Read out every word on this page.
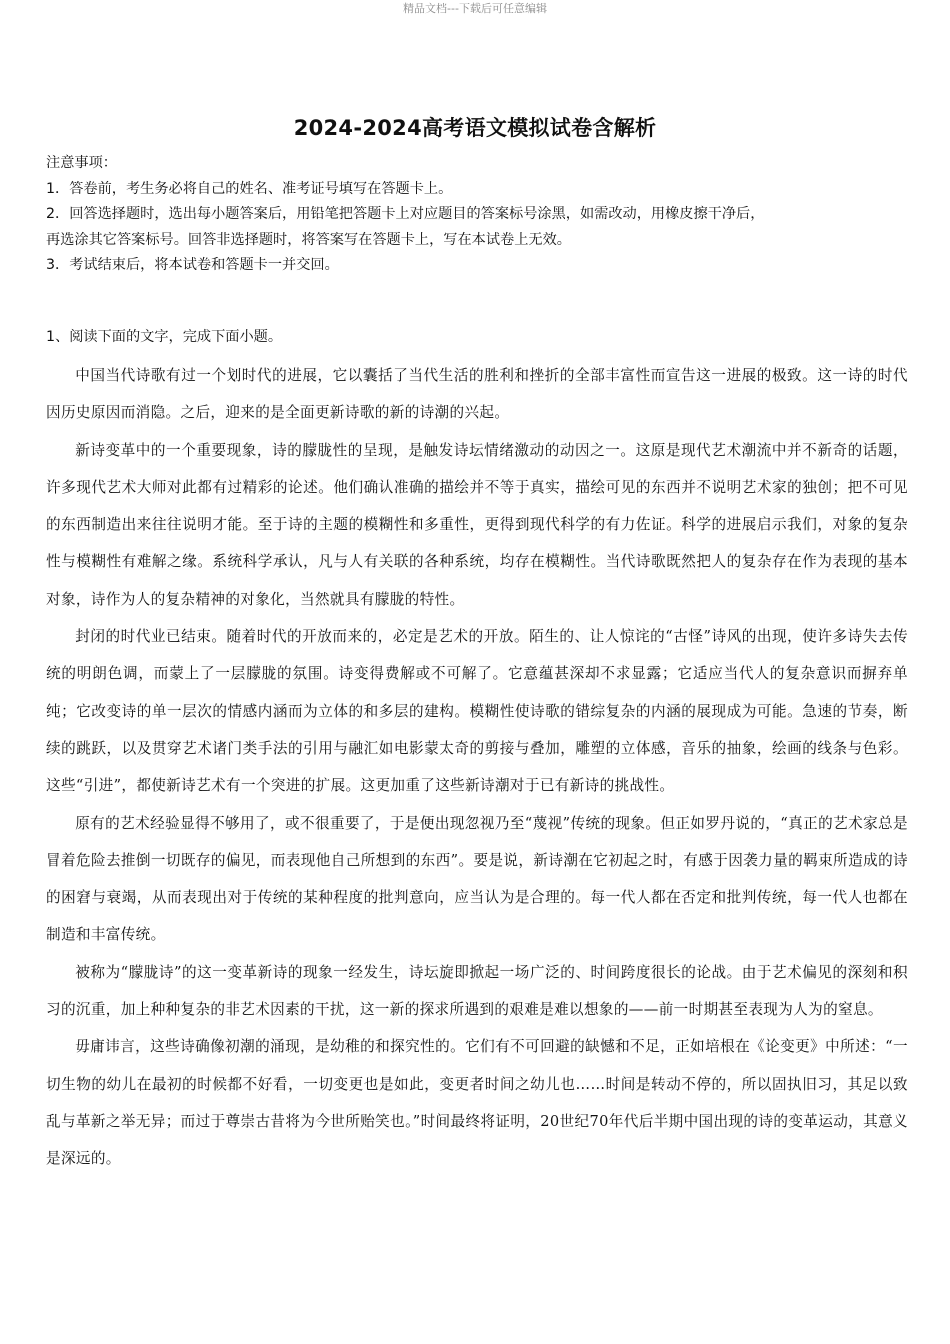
精品文档---下载后可任意编辑
2024-2024高考语文模拟试卷含解析
注意事项：
1．答卷前，考生务必将自己的姓名、准考证号填写在答题卡上。
2．回答选择题时，选出每小题答案后，用铅笔把答题卡上对应题目的答案标号涂黑，如需改动，用橡皮擦干净后，
再选涂其它答案标号。回答非选择题时，将答案写在答题卡上，写在本试卷上无效。
3．考试结束后，将本试卷和答题卡一并交回。
1、阅读下面的文字，完成下面小题。

中国当代诗歌有过一个划时代的进展，它以囊括了当代生活的胜利和挫折的全部丰富性而宣告这一进展的极致。这一诗的时代因历史原因而消隐。之后，迎来的是全面更新诗歌的新的诗潮的兴起。

新诗变革中的一个重要现象，诗的朦胧性的呈现，是触发诗坛情绪激动的动因之一。这原是现代艺术潮流中并不新奇的话题，许多现代艺术大师对此都有过精彩的论述。他们确认准确的描绘并不等于真实，描绘可见的东西并不说明艺术家的独创；把不可见的东西制造出来往往说明才能。至于诗的主题的模糊性和多重性，更得到现代科学的有力佐证。科学的进展启示我们，对象的复杂性与模糊性有难解之缘。系统科学承认，凡与人有关联的各种系统，均存在模糊性。当代诗歌既然把人的复杂存在作为表现的基本对象，诗作为人的复杂精神的对象化，当然就具有朦胧的特性。

封闭的时代业已结束。随着时代的开放而来的，必定是艺术的开放。陌生的、让人惊诧的“古怪”诗风的出现，使许多诗失去传统的明朗色调，而蒙上了一层朦胧的氛围。诗变得费解或不可解了。它意蕴甚深却不求显露；它适应当代人的复杂意识而摒弃单纯；它改变诗的单一层次的情感内涵而为立体的和多层的建构。模糊性使诗歌的错综复杂的内涵的展现成为可能。急速的节奏，断续的跳跃，以及贯穿艺术诸门类手法的引用与融汇如电影蒙太奇的剪接与叠加，雕塑的立体感，音乐的抽象，绘画的线条与色彩。这些“引进”，都使新诗艺术有一个突进的扩展。这更加重了这些新诗潮对于已有新诗的挑战性。

原有的艺术经验显得不够用了，或不很重要了，于是便出现忽视乃至“蔑视”传统的现象。但正如罗丹说的，“真正的艺术家总是冒着危险去推倒一切既存的偏见，而表现他自己所想到的东西”。要是说，新诗潮在它初起之时，有感于因袭力量的羁束所造成的诗的困窘与衰竭，从而表现出对于传统的某种程度的批判意向，应当认为是合理的。每一代人都在否定和批判传统，每一代人也都在制造和丰富传统。

被称为“朦胧诗”的这一变革新诗的现象一经发生，诗坛旋即掀起一场广泛的、时间跨度很长的论战。由于艺术偏见的深刻和积习的沉重，加上种种复杂的非艺术因素的干扰，这一新的探求所遇到的艰难是难以想象的——前一时期甚至表现为人为的窒息。

毋庸讳言，这些诗确像初潮的涌现，是幼稚的和探究性的。它们有不可回避的缺憾和不足，正如培根在《论变更》中所述：“一切生物的幼儿在最初的时候都不好看，一切变更也是如此，变更者时间之幼儿也……时间是转动不停的，所以固执旧习，其足以致乱与革新之举无异；而过于尊崇古昔将为今世所贻笑也。”时间最终将证明，20世纪70年代后半期中国出现的诗的变革运动，其意义是深远的。
